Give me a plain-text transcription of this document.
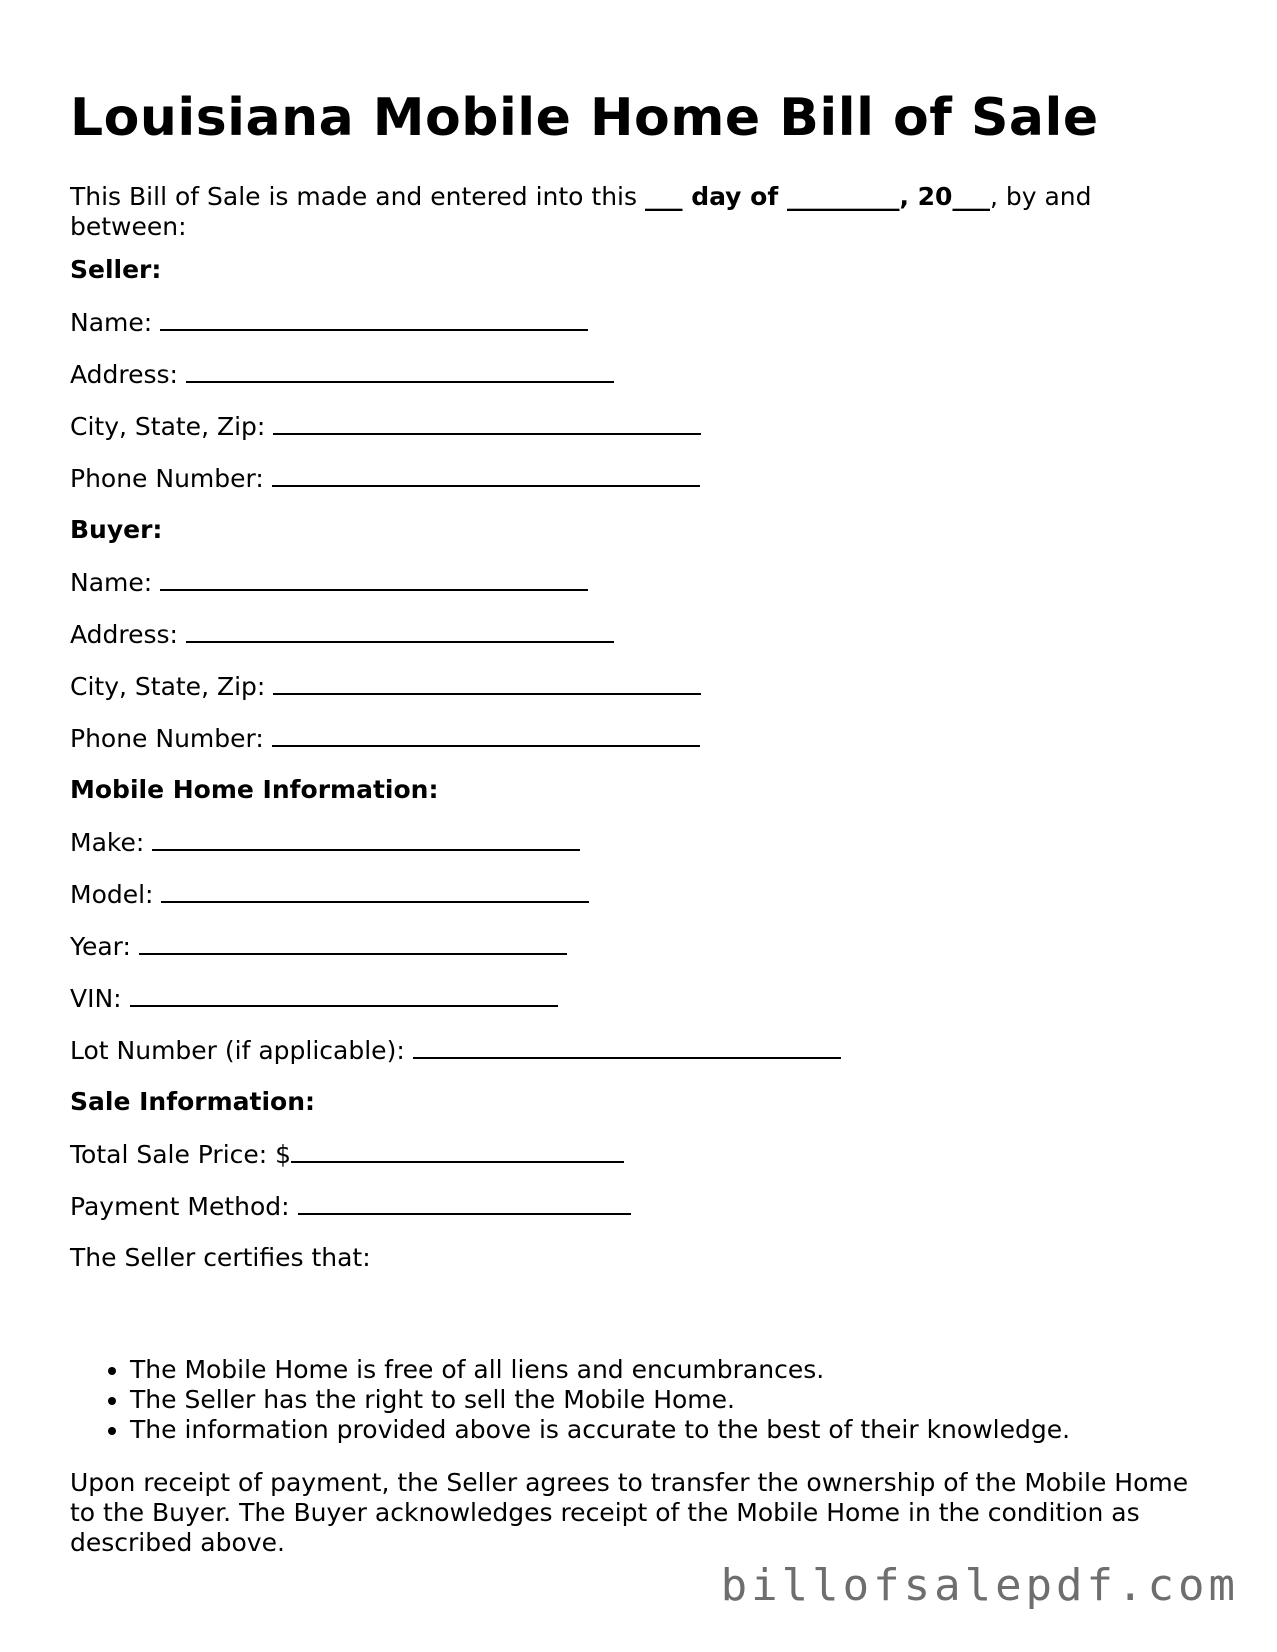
Louisiana Mobile Home Bill of Sale

This Bill of Sale is made and entered into this ___ day of _________, 20___, by and between:

Seller:

Name:

Address:

City, State, Zip:

Phone Number:

Buyer:

Name:

Address:

City, State, Zip:

Phone Number:

Mobile Home Information:

Make:

Model:

Year:

VIN:

Lot Number (if applicable):

Sale Information:

Total Sale Price: $

Payment Method:

The Seller certifies that:

• The Mobile Home is free of all liens and encumbrances.
• The Seller has the right to sell the Mobile Home.
• The information provided above is accurate to the best of their knowledge.

Upon receipt of payment, the Seller agrees to transfer the ownership of the Mobile Home to the Buyer. The Buyer acknowledges receipt of the Mobile Home in the condition as described above.

billofsalepdf.com
